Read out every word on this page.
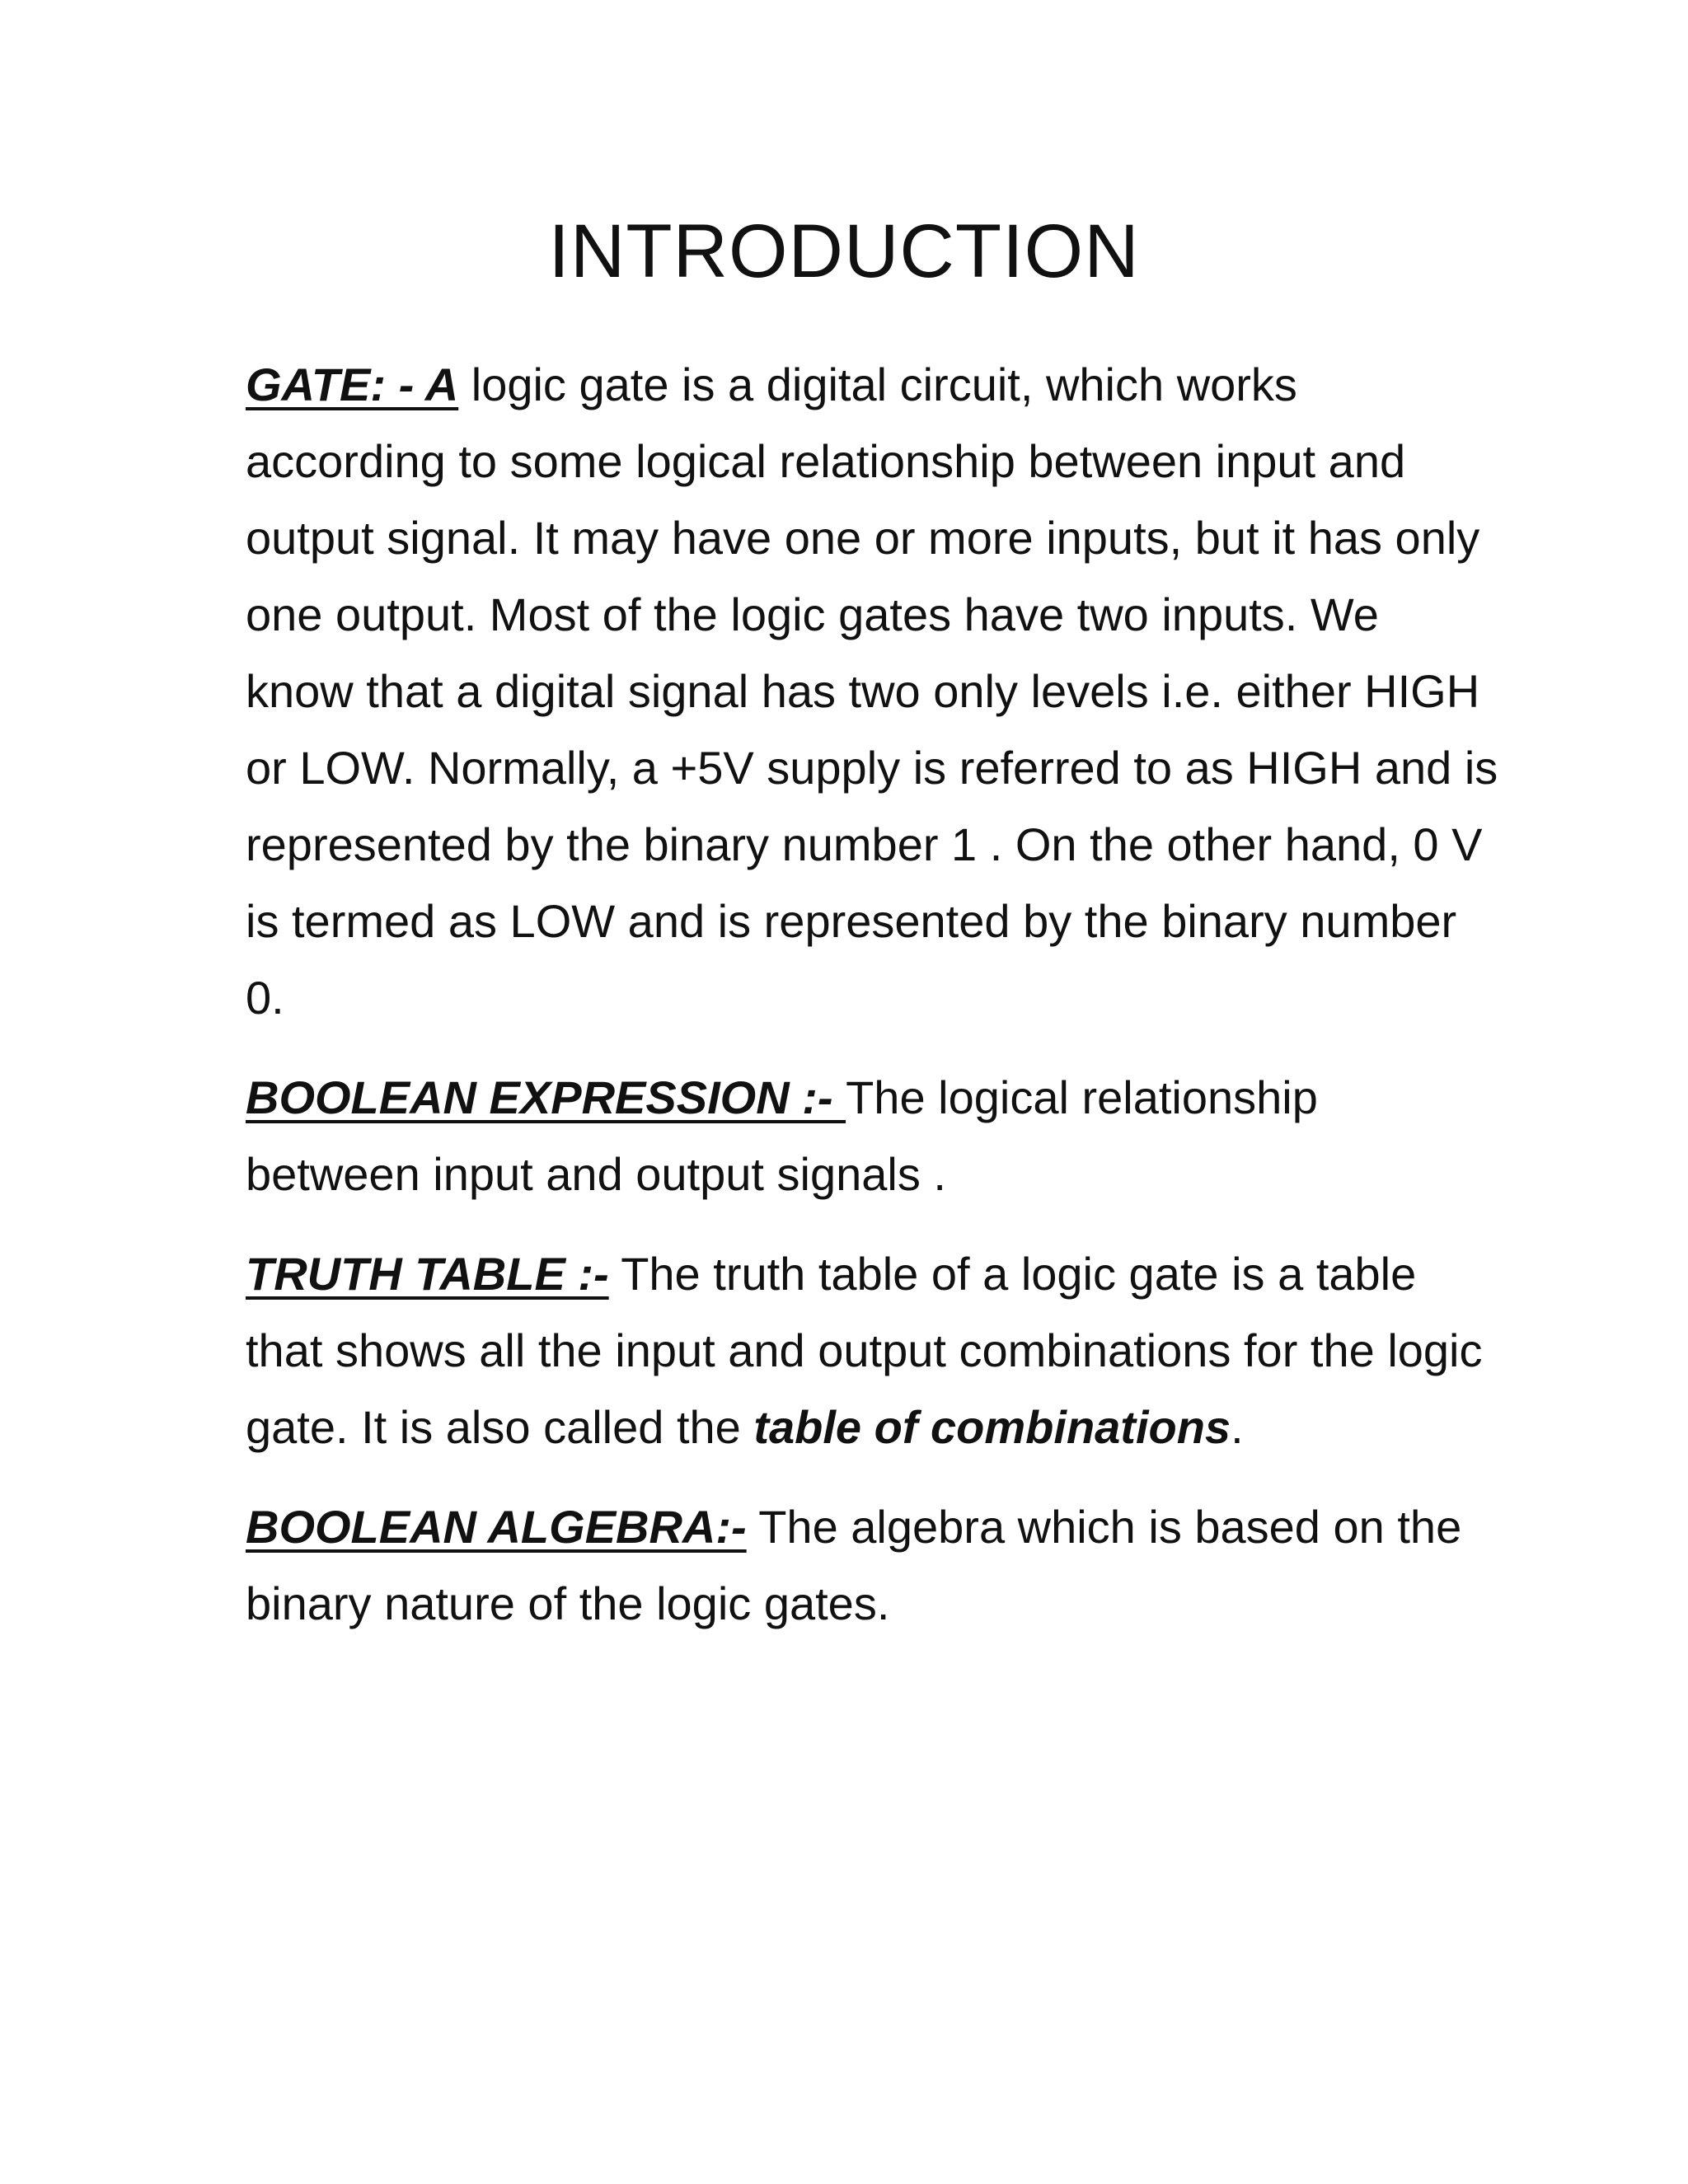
INTRODUCTION

GATE: - A logic gate is a digital circuit, which works according to some logical relationship between input and output signal. It may have one or more inputs, but it has only one output. Most of the logic gates have two inputs. We know that a digital signal has two only levels i.e. either HIGH or LOW. Normally, a +5V supply is referred to as HIGH and is represented by the binary number 1 . On the other hand, 0 V is termed as LOW and is represented by the binary number 0.

BOOLEAN EXPRESSION :- The logical relationship between input and output signals .

TRUTH TABLE :- The truth table of a logic gate is a table that shows all the input and output combinations for the logic gate. It is also called the table of combinations.

BOOLEAN ALGEBRA:- The algebra which is based on the binary nature of the logic gates.
